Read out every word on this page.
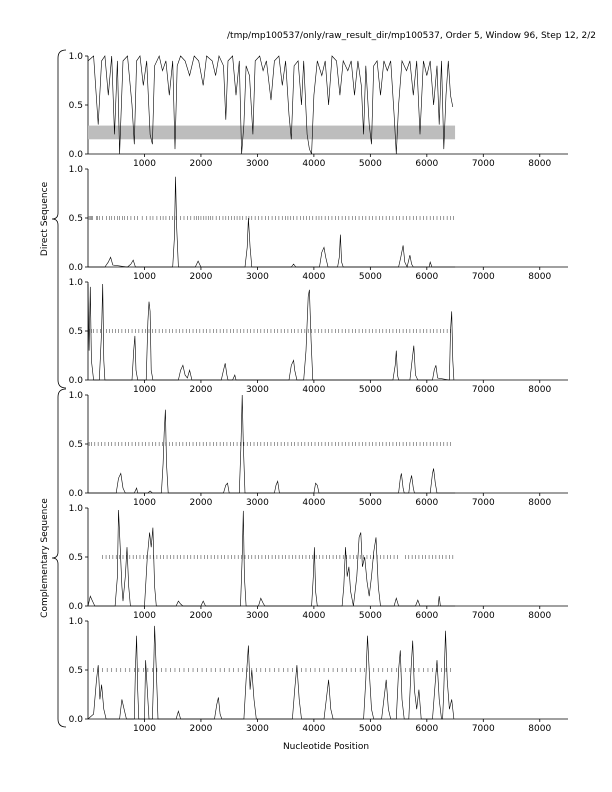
/tmp/mp100537/only/raw_result_dir/mp100537, Order 5, Window 96, Step 12, 2/2
0.0
0.5
1.0
1000	2000	3000	4000	5000	6000	7000	8000
0.0
0.5
1.0
1000	2000	3000	4000	5000	6000	7000	8000
0.0
0.5
1.0
1000	2000	3000	4000	5000	6000	7000	8000
0.0
0.5
1.0
1000	2000	3000	4000	5000	6000	7000	8000
0.0
0.5
1.0
1000	2000	3000	4000	5000	6000	7000	8000
0.0
0.5
1.0
1000	2000	3000	4000	5000	6000	7000	8000
Direct Sequence
Complementary Sequence
Nucleotide Position
